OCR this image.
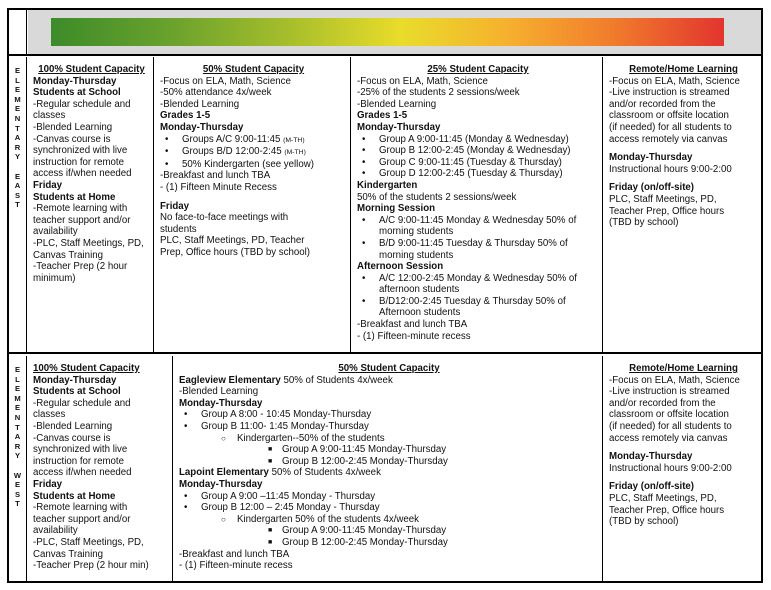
E
L
E
M
E
N
T
A
R
Y

E
A
S
T
100% Student Capacity
Monday-Thursday
Students at School
-Regular schedule and
classes
-Blended Learning
-Canvas course is
synchronized with live
instruction for remote
access if/when needed
Friday
Students at Home
-Remote learning with
teacher support and/or
availability
-PLC, Staff Meetings, PD,
Canvas Training
-Teacher Prep (2 hour
minimum)
50% Student Capacity
-Focus on ELA, Math, Science
-50% attendance 4x/week
-Blended Learning
Grades 1-5
Monday-Thursday
• Groups A/C 9:00-11:45 (M-TH)
• Groups B/D 12:00-2:45 (M-TH)
• 50% Kindergarten (see yellow)
-Breakfast and lunch TBA
- (1) Fifteen Minute Recess
Friday
No face-to-face meetings with
students
PLC, Staff Meetings, PD, Teacher
Prep, Office hours (TBD by school)
25% Student Capacity
-Focus on ELA, Math, Science
-25% of the students 2 sessions/week
-Blended Learning
Grades 1-5
Monday-Thursday
• Group A 9:00-11:45 (Monday & Wednesday)
• Group B 12:00-2:45 (Monday & Wednesday)
• Group C 9:00-11:45 (Tuesday & Thursday)
• Group D 12:00-2:45 (Tuesday & Thursday)
Kindergarten
50% of the students 2 sessions/week
Morning Session
• A/C 9:00-11:45 Monday & Wednesday 50% of
morning students
• B/D 9:00-11:45 Tuesday & Thursday 50% of
morning students
Afternoon Session
• A/C 12:00-2:45 Monday & Wednesday 50% of
afternoon students
• B/D12:00-2:45 Tuesday & Thursday 50% of
Afternoon students
-Breakfast and lunch TBA
- (1) Fifteen-minute recess
Remote/Home Learning
-Focus on ELA, Math, Science
-Live instruction is streamed
and/or recorded from the
classroom or offsite location
(if needed) for all students to
access remotely via canvas
Monday-Thursday
Instructional hours 9:00-2:00
Friday (on/off-site)
PLC, Staff Meetings, PD,
Teacher Prep, Office hours
(TBD by school)
E
L
E
M
E
N
T
A
R
Y

W
E
S
T
100% Student Capacity
Monday-Thursday
Students at School
-Regular schedule and
classes
-Blended Learning
-Canvas course is
synchronized with live
instruction for remote
access if/when needed
Friday
Students at Home
-Remote learning with
teacher support and/or
availability
-PLC, Staff Meetings, PD,
Canvas Training
-Teacher Prep (2 hour min)
50% Student Capacity
Eagleview Elementary 50% of Students 4x/week
-Blended Learning
Monday-Thursday
• Group A 8:00 - 10:45 Monday-Thursday
• Group B 11:00- 1:45 Monday-Thursday
○ Kindergarten--50% of the students
■ Group A 9:00-11:45 Monday-Thursday
■ Group B 12:00-2:45 Monday-Thursday
Lapoint Elementary 50% of Students 4x/week
Monday-Thursday
• Group A 9:00 –11:45 Monday - Thursday
• Group B 12:00 – 2:45 Monday - Thursday
○ Kindergarten 50% of the students 4x/week
■ Group A 9:00-11:45 Monday-Thursday
■ Group B 12:00-2:45 Monday-Thursday
-Breakfast and lunch TBA
- (1) Fifteen-minute recess
Remote/Home Learning
-Focus on ELA, Math, Science
-Live instruction is streamed
and/or recorded from the
classroom or offsite location
(if needed) for all students to
access remotely via canvas
Monday-Thursday
Instructional hours 9:00-2:00
Friday (on/off-site)
PLC, Staff Meetings, PD,
Teacher Prep, Office hours
(TBD by school)
